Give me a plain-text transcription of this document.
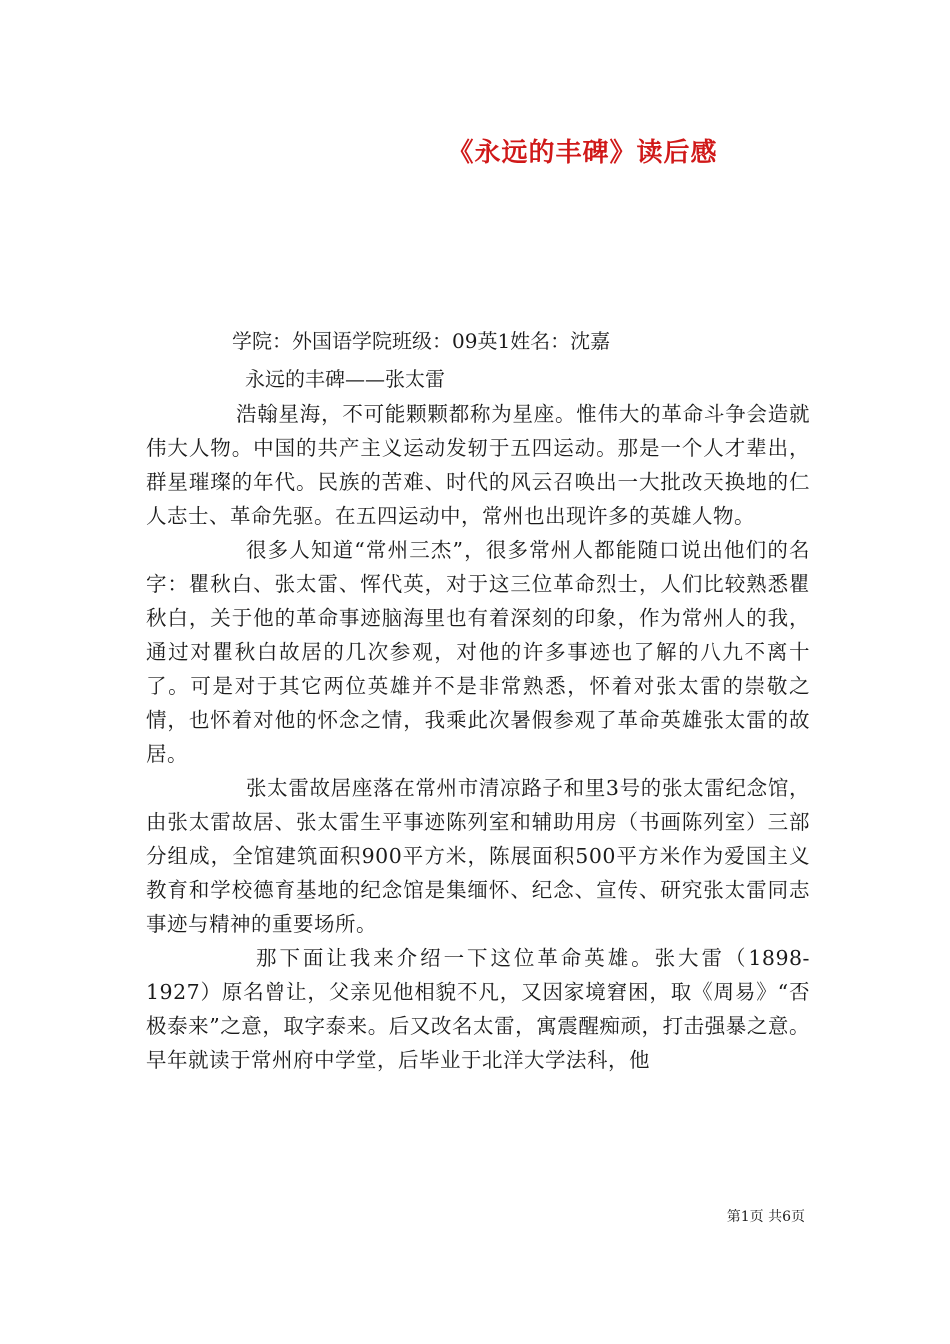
《永远的丰碑》读后感
学院：外国语学院班级：09英1姓名：沈嘉
永远的丰碑——张太雷

浩翰星海，不可能颗颗都称为星座。惟伟大的革命斗争会造就伟大人物。中国的共产主义运动发轫于五四运动。那是一个人才辈出，群星璀璨的年代。民族的苦难、时代的风云召唤出一大批改天换地的仁人志士、革命先驱。在五四运动中，常州也出现许多的英雄人物。

很多人知道“常州三杰”，很多常州人都能随口说出他们的名字：瞿秋白、张太雷、恽代英，对于这三位革命烈士，人们比较熟悉瞿秋白，关于他的革命事迹脑海里也有着深刻的印象，作为常州人的我，通过对瞿秋白故居的几次参观，对他的许多事迹也了解的八九不离十了。可是对于其它两位英雄并不是非常熟悉，怀着对张太雷的崇敬之情，也怀着对他的怀念之情，我乘此次暑假参观了革命英雄张太雷的故居。

张太雷故居座落在常州市清凉路子和里3号的张太雷纪念馆，由张太雷故居、张太雷生平事迹陈列室和辅助用房（书画陈列室）三部分组成，全馆建筑面积900平方米，陈展面积500平方米作为爱国主义教育和学校德育基地的纪念馆是集缅怀、纪念、宣传、研究张太雷同志事迹与精神的重要场所。

那下面让我来介绍一下这位革命英雄。张大雷（1898-1927）原名曾让，父亲见他相貌不凡，又因家境窘困，取《周易》“否极泰来”之意，取字泰来。后又改名太雷，寓震醒痴顽，打击强暴之意。早年就读于常州府中学堂，后毕业于北洋大学法科，他

第1页 共6页
